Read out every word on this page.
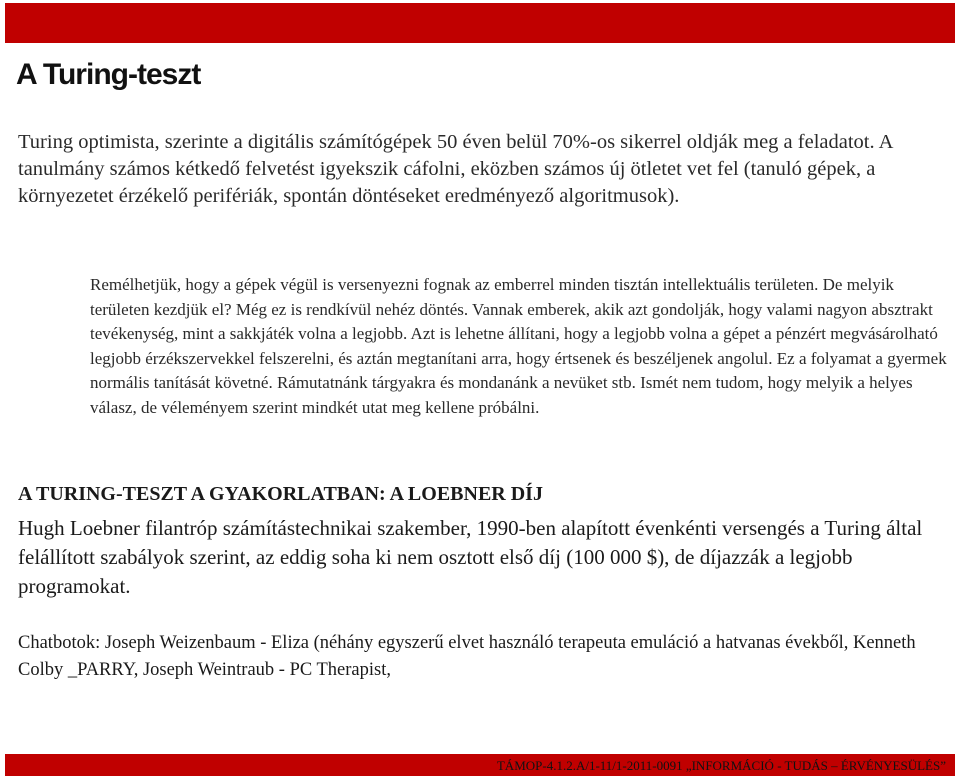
A Turing-teszt

Turing optimista, szerinte a digitális számítógépek 50 éven belül 70%-os sikerrel oldják meg a feladatot. A tanulmány számos kétkedő felvetést igyekszik cáfolni, eközben számos új ötletet vet fel (tanuló gépek, a környezetet érzékelő perifériák, spontán döntéseket eredményező algoritmusok).

Remélhetjük, hogy a gépek végül is versenyezni fognak az emberrel minden tisztán intellektuális területen. De melyik területen kezdjük el? Még ez is rendkívül nehéz döntés. Vannak emberek, akik azt gondolják, hogy valami nagyon absztrakt tevékenység, mint a sakkjáték volna a legjobb. Azt is lehetne állítani, hogy a legjobb volna a gépet a pénzért megvásárolható legjobb érzékszervekkel felszerelni, és aztán megtanítani arra, hogy értsenek és beszéljenek angolul. Ez a folyamat a gyermek normális tanítását követné. Rámutatnánk tárgyakra és mondanánk a nevüket stb. Ismét nem tudom, hogy melyik a helyes válasz, de véleményem szerint mindkét utat meg kellene próbálni.

A TURING-TESZT A GYAKORLATBAN: A LOEBNER DÍJ

Hugh Loebner filantróp számítástechnikai szakember, 1990-ben alapított évenkénti versengés a Turing által felállított szabályok szerint, az eddig soha ki nem osztott első díj (100 000 $), de díjazzák a legjobb programokat.

Chatbotok: Joseph Weizenbaum - Eliza (néhány egyszerű elvet használó terapeuta emuláció a hatvanas évekből, Kenneth Colby _PARRY, Joseph Weintraub - PC Therapist,

TÁMOP-4.1.2.A/1-11/1-2011-0091 „INFORMÁCIÓ - TUDÁS – ÉRVÉNYESÜLÉS”
